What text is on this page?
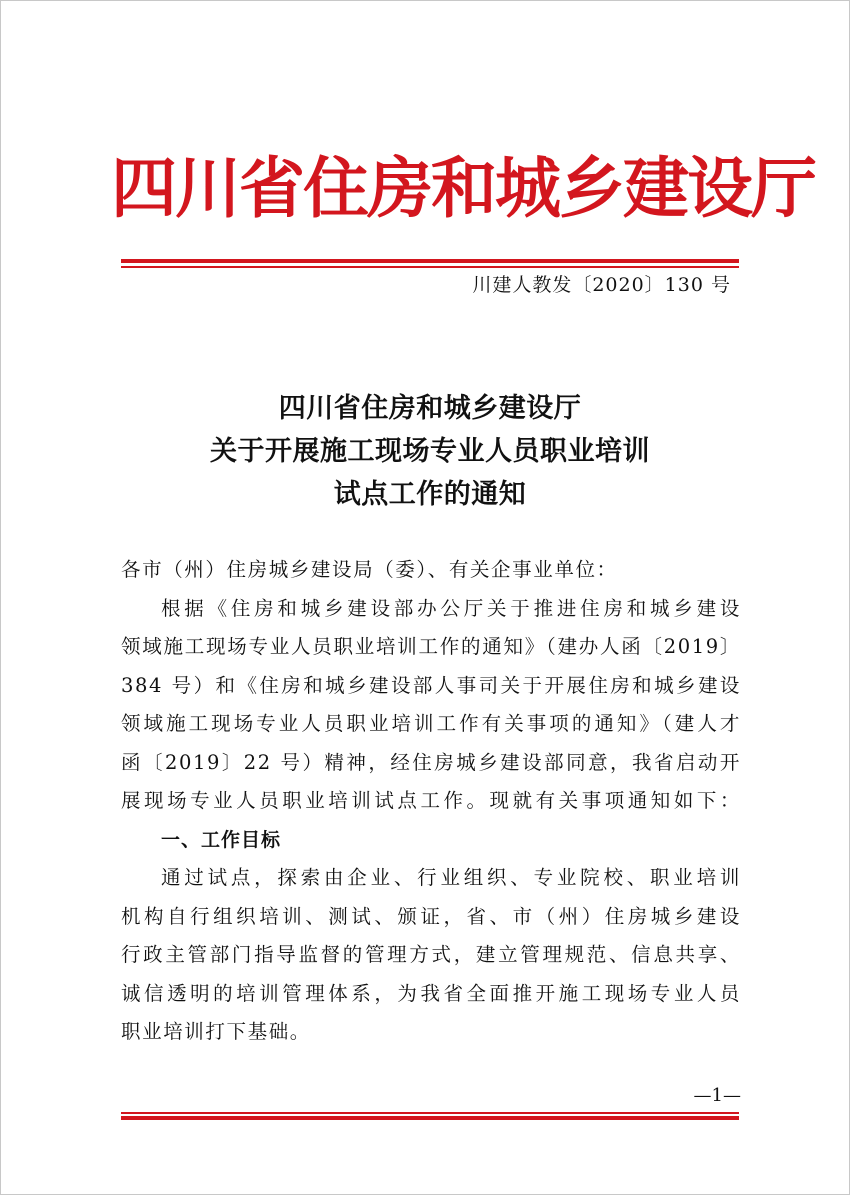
四川省住房和城乡建设厅
川建人教发〔2020〕130 号
四川省住房和城乡建设厅
关于开展施工现场专业人员职业培训
试点工作的通知
各市（州）住房城乡建设局（委）、有关企事业单位：
根据《住房和城乡建设部办公厅关于推进住房和城乡建设
领域施工现场专业人员职业培训工作的通知》（建办人函〔2019〕
384 号）和《住房和城乡建设部人事司关于开展住房和城乡建设
领域施工现场专业人员职业培训工作有关事项的通知》（建人才
函〔2019〕22 号）精神，经住房城乡建设部同意，我省启动开
展现场专业人员职业培训试点工作。现就有关事项通知如下：
一、工作目标
通过试点，探索由企业、行业组织、专业院校、职业培训
机构自行组织培训、测试、颁证，省、市（州）住房城乡建设
行政主管部门指导监督的管理方式，建立管理规范、信息共享、
诚信透明的培训管理体系，为我省全面推开施工现场专业人员
职业培训打下基础。
—1—
